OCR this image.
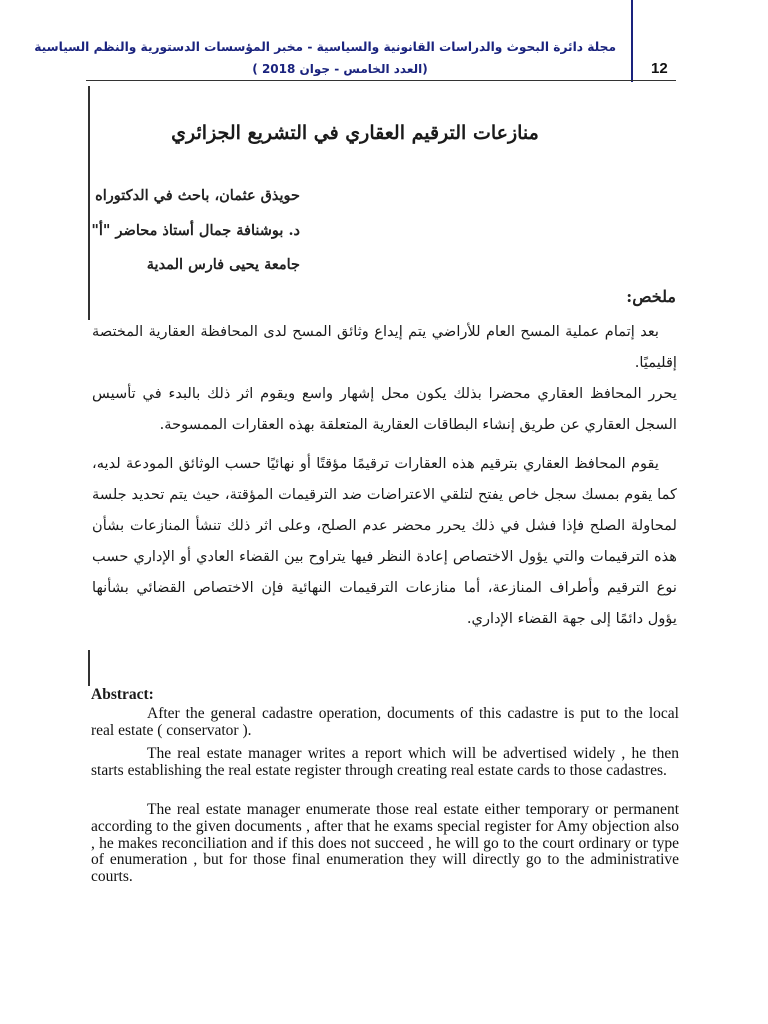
مجلة دائرة البحوث والدراسات القانونية والسياسية - مخبر المؤسسات الدستورية والنظم السياسية
(العدد الخامس - جوان 2018 )	12
منازعات الترقيم العقاري في التشريع الجزائري
حويذق عثمان، باحث في الدكتوراه
د. بوشنافة جمال أستاذ محاضر "أ"
جامعة يحيى فارس المدية
ملخص:
بعد إتمام عملية المسح العام للأراضي يتم إيداع وثائق المسح لدى المحافظة العقارية المختصة إقليميًا.
يحرر المحافظ العقاري محضرا بذلك يكون محل إشهار واسع ويقوم اثر ذلك بالبدء في تأسيس السجل العقاري عن طريق إنشاء البطاقات العقارية المتعلقة بهذه العقارات الممسوحة.
يقوم المحافظ العقاري بترقيم هذه العقارات ترقيمًا مؤقتًا أو نهائيًا حسب الوثائق المودعة لديه، كما يقوم بمسك سجل خاص يفتح لتلقي الاعتراضات ضد الترقيمات المؤقتة، حيث يتم تحديد جلسة لمحاولة الصلح فإذا فشل في ذلك يحرر محضر عدم الصلح، وعلى اثر ذلك تنشأ المنازعات بشأن هذه الترقيمات والتي يؤول الاختصاص إعادة النظر فيها يتراوح بين القضاء العادي أو الإداري حسب نوع الترقيم وأطراف المنازعة، أما منازعات الترقيمات النهائية فإن الاختصاص القضائي بشأنها يؤول دائمًا إلى جهة القضاء الإداري.
Abstract:
After the general cadastre operation, documents of this cadastre is put to the local real estate ( conservator ).
The real estate manager writes a report which will be advertised widely , he then starts establishing the real estate register through creating real estate cards to those cadastres.
The real estate manager enumerate those real estate either temporary or permanent according to the given documents , after that he exams special register for Amy objection also , he makes reconciliation and if this does not succeed , he will go to the court ordinary or type of enumeration , but for those final enumeration they will directly go to the administrative courts.
